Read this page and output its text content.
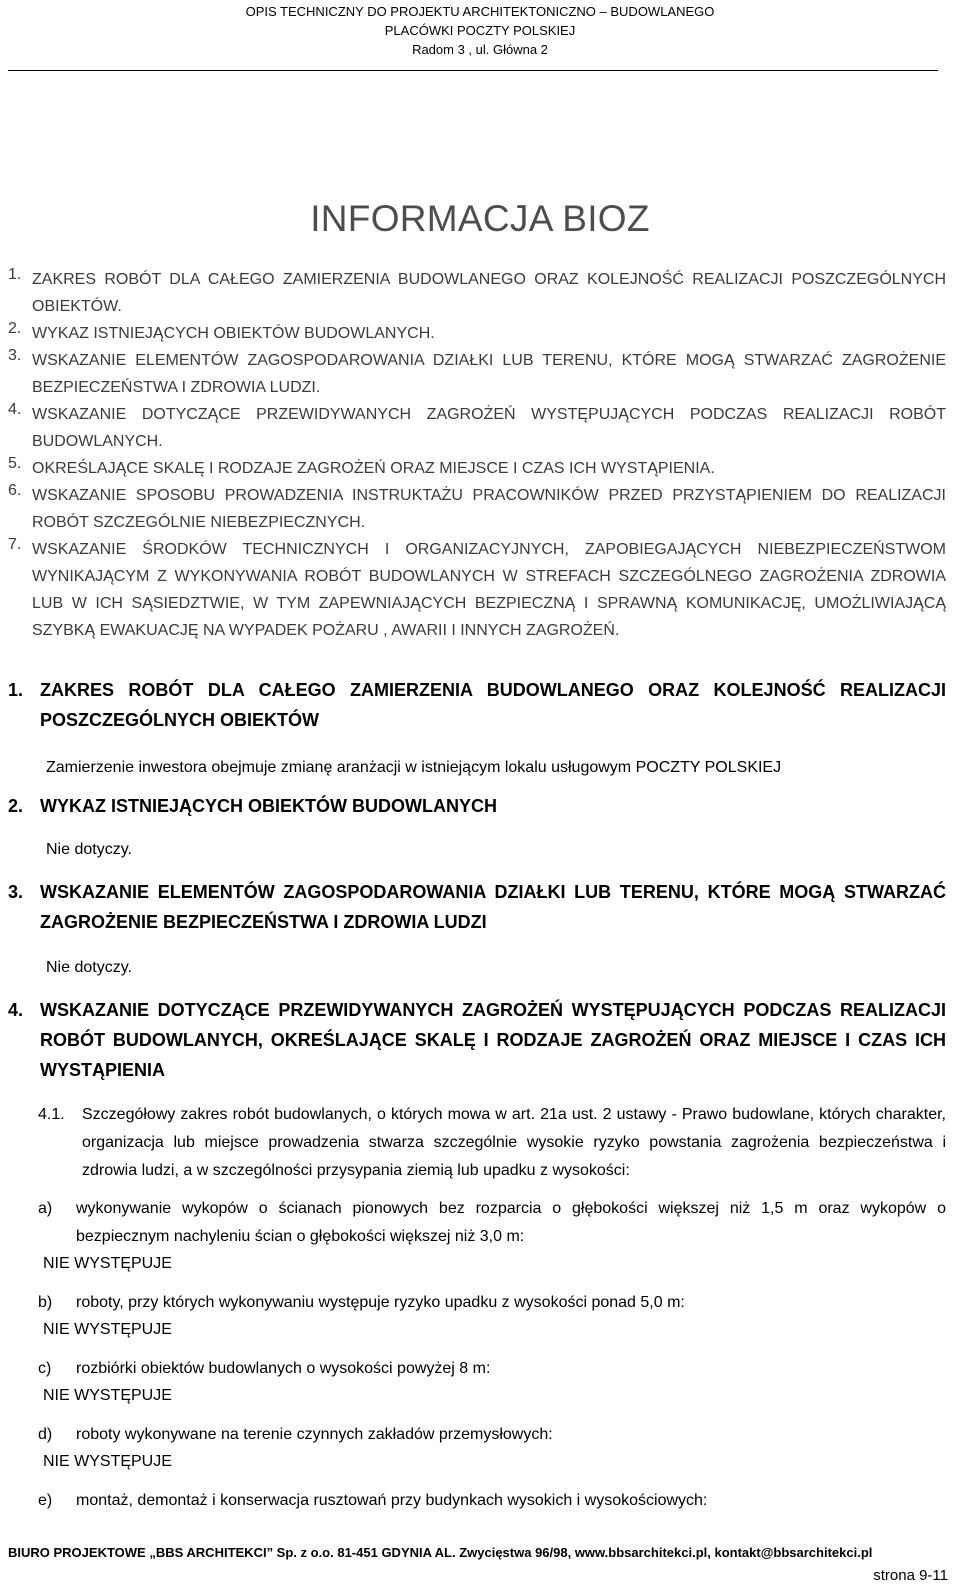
OPIS TECHNICZNY DO PROJEKTU ARCHITEKTONICZNO – BUDOWLANEGO
PLACÓWKI POCZTY POLSKIEJ
Radom 3 , ul. Główna 2
INFORMACJA BIOZ
1. ZAKRES ROBÓT DLA CAŁEGO ZAMIERZENIA BUDOWLANEGO ORAZ KOLEJNOŚĆ REALIZACJI POSZCZEGÓLNYCH OBIEKTÓW.
2. WYKAZ ISTNIEJĄCYCH OBIEKTÓW BUDOWLANYCH.
3. WSKAZANIE ELEMENTÓW ZAGOSPODAROWANIA DZIAŁKI LUB TERENU, KTÓRE MOGĄ STWARZAĆ ZAGROŻENIE BEZPIECZEŃSTWA I ZDROWIA LUDZI.
4. WSKAZANIE DOTYCZĄCE PRZEWIDYWANYCH ZAGROŻEŃ WYSTĘPUJĄCYCH PODCZAS REALIZACJI ROBÓT BUDOWLANYCH.
5. OKREŚLAJĄCE SKALĘ I RODZAJE ZAGROŻEŃ ORAZ MIEJSCE I CZAS ICH WYSTĄPIENIA.
6. WSKAZANIE SPOSOBU PROWADZENIA INSTRUKTAŻU PRACOWNIKÓW PRZED PRZYSTĄPIENIEM DO REALIZACJI ROBÓT SZCZEGÓLNIE NIEBEZPIECZNYCH.
7. WSKAZANIE ŚRODKÓW TECHNICZNYCH I ORGANIZACYJNYCH, ZAPOBIEGAJĄCYCH NIEBEZPIECZEŃSTWOM WYNIKAJĄCYM Z WYKONYWANIA ROBÓT BUDOWLANYCH W STREFACH SZCZEGÓLNEGO ZAGROŻENIA ZDROWIA LUB W ICH SĄSIEDZTWIE, W TYM ZAPEWNIAJĄCYCH BEZPIECZNĄ I SPRAWNĄ KOMUNIKACJĘ, UMOŻLIWIAJĄCĄ SZYBKĄ EWAKUACJĘ NA WYPADEK POŻARU , AWARII I INNYCH ZAGROŻEŃ.
1. ZAKRES ROBÓT DLA CAŁEGO ZAMIERZENIA BUDOWLANEGO ORAZ KOLEJNOŚĆ REALIZACJI POSZCZEGÓLNYCH OBIEKTÓW
Zamierzenie inwestora obejmuje zmianę aranżacji w istniejącym lokalu usługowym POCZTY POLSKIEJ
2. WYKAZ ISTNIEJĄCYCH OBIEKTÓW BUDOWLANYCH
Nie dotyczy.
3. WSKAZANIE ELEMENTÓW ZAGOSPODAROWANIA DZIAŁKI LUB TERENU, KTÓRE MOGĄ STWARZAĆ ZAGROŻENIE BEZPIECZEŃSTWA I ZDROWIA LUDZI
Nie dotyczy.
4. WSKAZANIE DOTYCZĄCE PRZEWIDYWANYCH ZAGROŻEŃ WYSTĘPUJĄCYCH PODCZAS REALIZACJI ROBÓT BUDOWLANYCH, OKREŚLAJĄCE SKALĘ I RODZAJE ZAGROŻEŃ ORAZ MIEJSCE I CZAS ICH WYSTĄPIENIA
4.1.	Szczegółowy zakres robót budowlanych, o których mowa w art. 21a ust. 2 ustawy - Prawo budowlane, których charakter, organizacja lub miejsce prowadzenia stwarza szczególnie wysokie ryzyko powstania zagrożenia bezpieczeństwa i zdrowia ludzi, a w szczególności przysypania ziemią lub upadku z wysokości:
a)	wykonywanie wykopów o ścianach pionowych bez rozparcia o głębokości większej niż 1,5 m oraz wykopów o bezpiecznym nachyleniu ścian o głębokości większej niż 3,0 m:
NIE WYSTĘPUJE
b)	roboty, przy których wykonywaniu występuje ryzyko upadku z wysokości ponad 5,0 m:
NIE WYSTĘPUJE
c)	rozbiórki obiektów budowlanych o wysokości powyżej 8 m:
NIE WYSTĘPUJE
d)	roboty wykonywane na terenie czynnych zakładów przemysłowych:
NIE WYSTĘPUJE
e)	montaż, demontaż i konserwacja rusztowań przy budynkach wysokich i wysokościowych:
BIURO PROJEKTOWE „BBS ARCHITEKCI” Sp. z o.o. 81-451 GDYNIA AL. Zwycięstwa 96/98, www.bbsarchitekci.pl, kontakt@bbsarchitekci.pl
strona 9-11
